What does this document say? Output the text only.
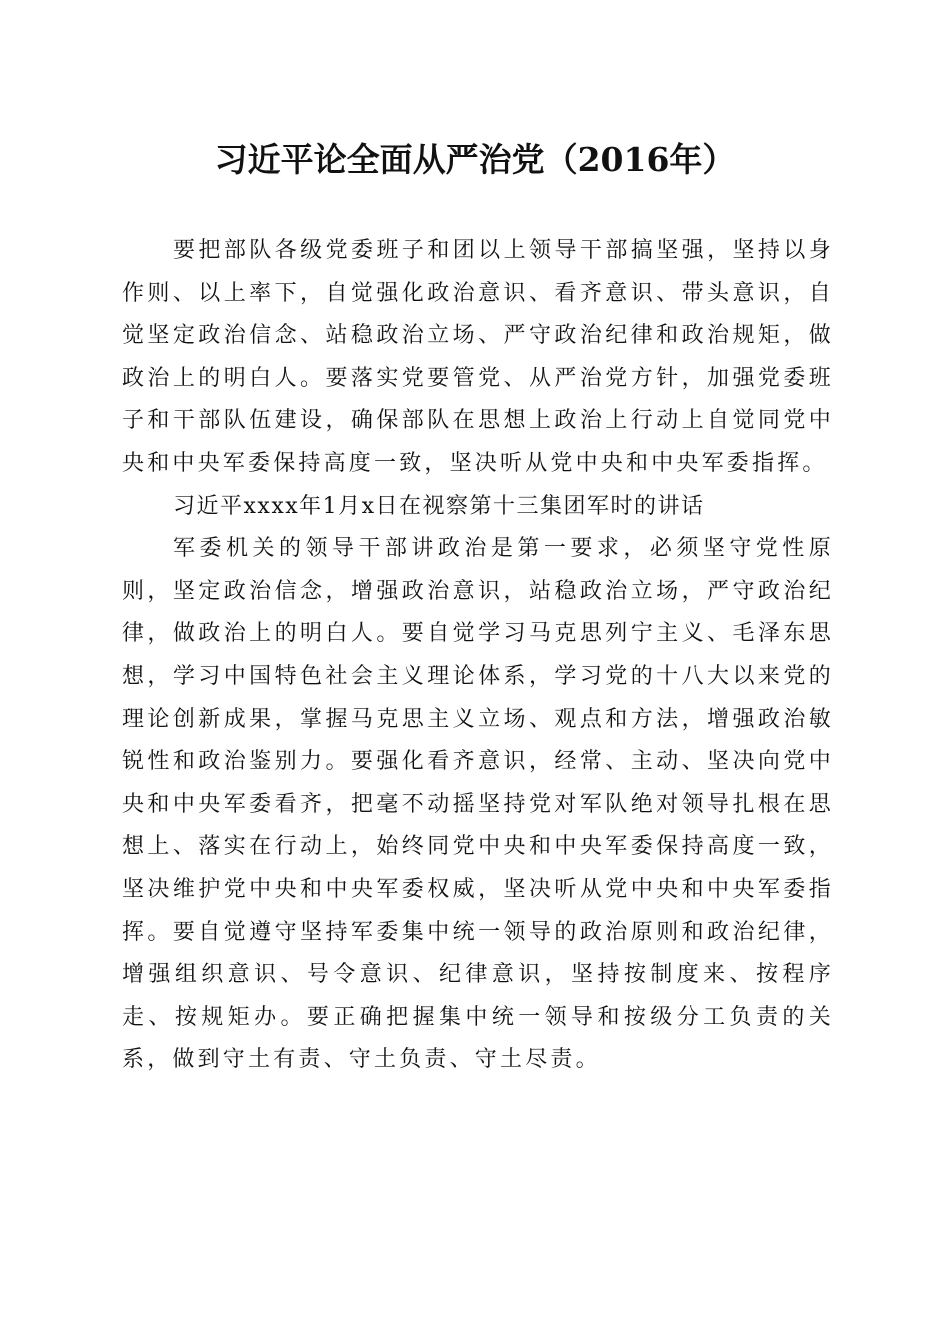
习近平论全面从严治党（2016年）

要把部队各级党委班子和团以上领导干部搞坚强，坚持以身作则、以上率下，自觉强化政治意识、看齐意识、带头意识，自觉坚定政治信念、站稳政治立场、严守政治纪律和政治规矩，做政治上的明白人。要落实党要管党、从严治党方针，加强党委班子和干部队伍建设，确保部队在思想上政治上行动上自觉同党中央和中央军委保持高度一致，坚决听从党中央和中央军委指挥。

习近平xxxx年1月x日在视察第十三集团军时的讲话

军委机关的领导干部讲政治是第一要求，必须坚守党性原则，坚定政治信念，增强政治意识，站稳政治立场，严守政治纪律，做政治上的明白人。要自觉学习马克思列宁主义、毛泽东思想，学习中国特色社会主义理论体系，学习党的十八大以来党的理论创新成果，掌握马克思主义立场、观点和方法，增强政治敏锐性和政治鉴别力。要强化看齐意识，经常、主动、坚决向党中央和中央军委看齐，把毫不动摇坚持党对军队绝对领导扎根在思想上、落实在行动上，始终同党中央和中央军委保持高度一致，坚决维护党中央和中央军委权威，坚决听从党中央和中央军委指挥。要自觉遵守坚持军委集中统一领导的政治原则和政治纪律，增强组织意识、号令意识、纪律意识，坚持按制度来、按程序走、按规矩办。要正确把握集中统一领导和按级分工负责的关系，做到守土有责、守土负责、守土尽责。
